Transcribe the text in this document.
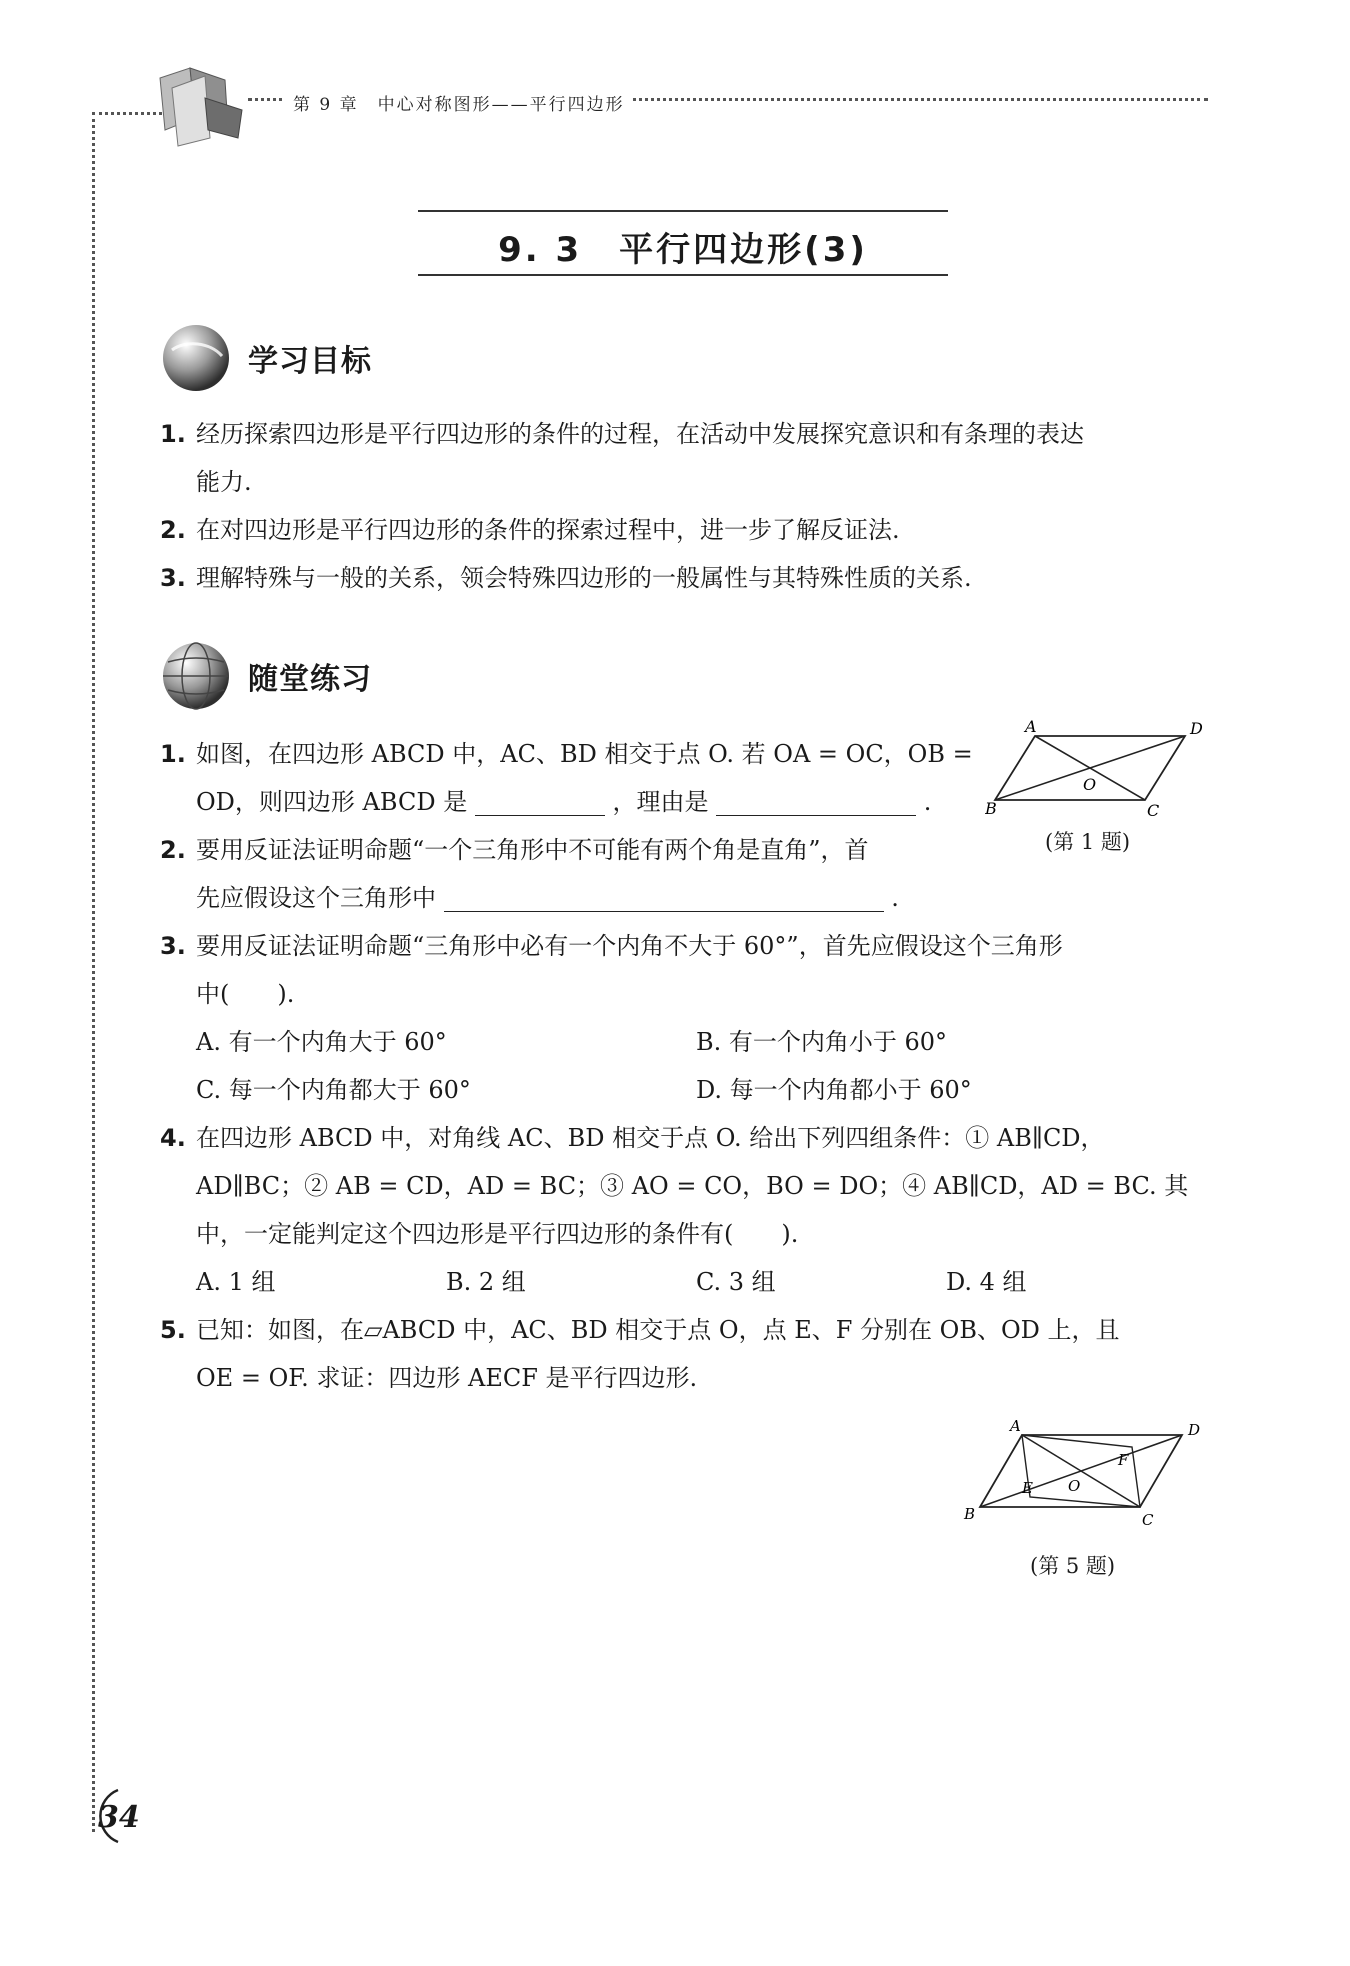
第 9 章　中心对称图形——平行四边形
9. 3　平行四边形(3)
学习目标
1. 经历探索四边形是平行四边形的条件的过程，在活动中发展探究意识和有条理的表达
能力.
2. 在对四边形是平行四边形的条件的探索过程中，进一步了解反证法.
3. 理解特殊与一般的关系，领会特殊四边形的一般属性与其特殊性质的关系.
随堂练习
1. 如图，在四边形 ABCD 中，AC、BD 相交于点 O. 若 OA = OC，OB =
OD，则四边形 ABCD 是	，理由是	.
2. 要用反证法证明命题“一个三角形中不可能有两个角是直角”，首
先应假设这个三角形中	.
3. 要用反证法证明命题“三角形中必有一个内角不大于 60°”，首先应假设这个三角形
中(　　).
A. 有一个内角大于 60°	B. 有一个内角小于 60°
C. 每一个内角都大于 60°	D. 每一个内角都小于 60°
4. 在四边形 ABCD 中，对角线 AC、BD 相交于点 O. 给出下列四组条件：① AB∥CD，
AD∥BC；② AB = CD，AD = BC；③ AO = CO，BO = DO；④ AB∥CD，AD = BC. 其
中，一定能判定这个四边形是平行四边形的条件有(　　).
A. 1 组	B. 2 组	C. 3 组	D. 4 组
5. 已知：如图，在▱ABCD 中，AC、BD 相交于点 O，点 E、F 分别在 OB、OD 上，且
OE = OF. 求证：四边形 AECF 是平行四边形.
A	D
B	C
O
(第 1 题)
A	D
B	C
E
F
O
(第 5 题)
34
